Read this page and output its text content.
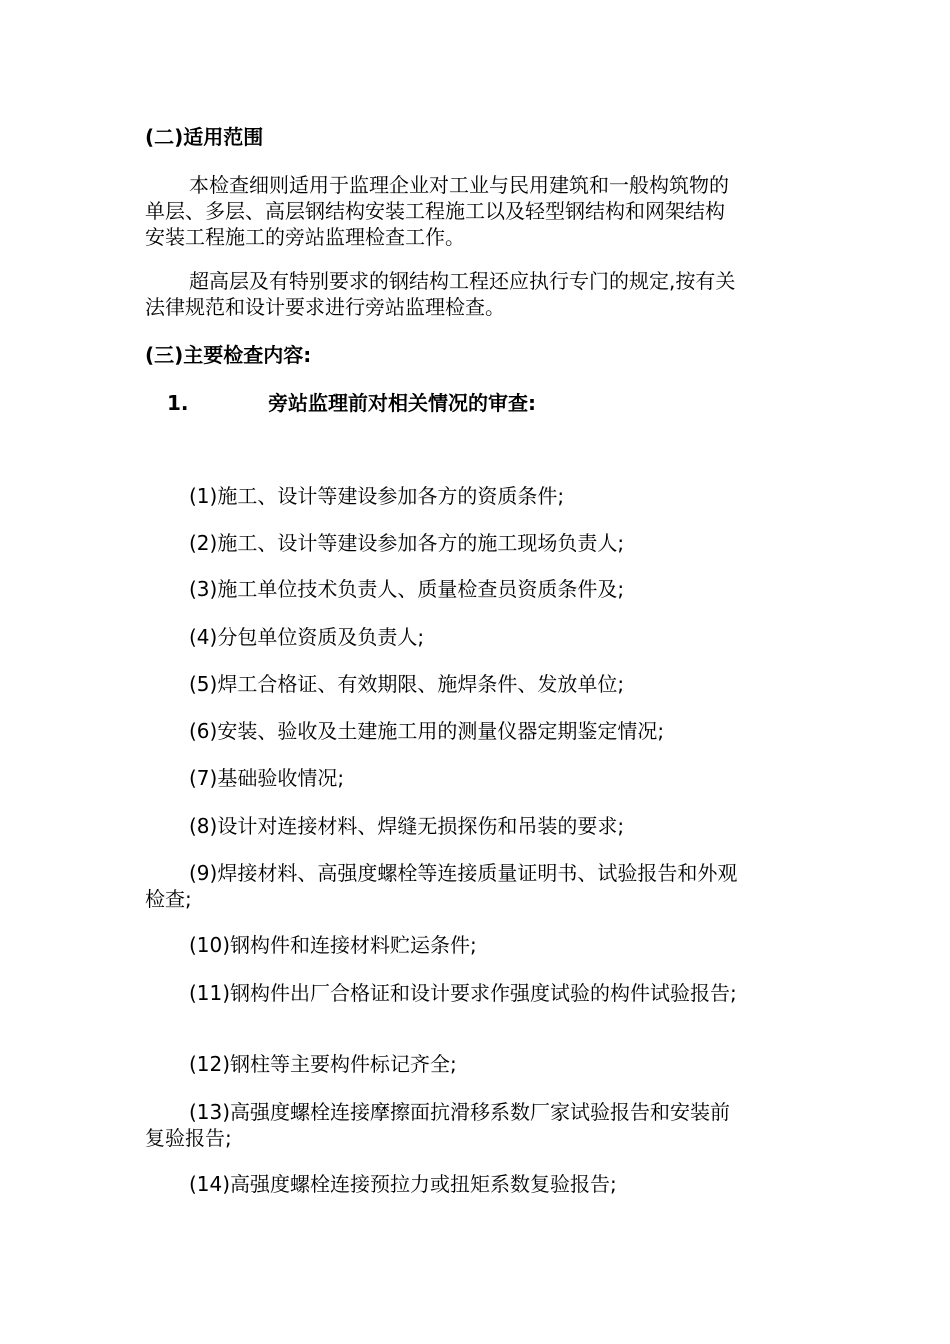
(二)适用范围
本检查细则适用于监理企业对工业与民用建筑和一般构筑物的
单层、多层、高层钢结构安装工程施工以及轻型钢结构和网架结构
安装工程施工的旁站监理检查工作。
超高层及有特别要求的钢结构工程还应执行专门的规定,按有关
法律规范和设计要求进行旁站监理检查。
(三)主要检查内容:
1.	旁站监理前对相关情况的审查:
(1)施工、设计等建设参加各方的资质条件;
(2)施工、设计等建设参加各方的施工现场负责人;
(3)施工单位技术负责人、质量检查员资质条件及;
(4)分包单位资质及负责人;
(5)焊工合格证、有效期限、施焊条件、发放单位;
(6)安装、验收及土建施工用的测量仪器定期鉴定情况;
(7)基础验收情况;
(8)设计对连接材料、焊缝无损探伤和吊装的要求;
(9)焊接材料、高强度螺栓等连接质量证明书、试验报告和外观
检查;
(10)钢构件和连接材料贮运条件;
(11)钢构件出厂合格证和设计要求作强度试验的构件试验报告;
(12)钢柱等主要构件标记齐全;
(13)高强度螺栓连接摩擦面抗滑移系数厂家试验报告和安装前
复验报告;
(14)高强度螺栓连接预拉力或扭矩系数复验报告;
